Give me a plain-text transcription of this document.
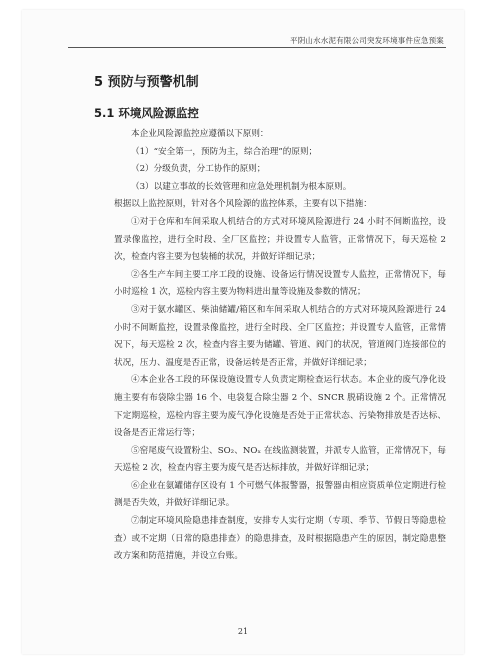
平阴山水水泥有限公司突发环境事件应急预案
5 预防与预警机制
5.1 环境风险源监控

本企业风险源监控应遵循以下原则：

（1）“安全第一，预防为主，综合治理”的原则；

（2）分级负责，分工协作的原则；

（3）以建立事故的长效管理和应急处理机制为根本原则。

根据以上监控原则，针对各个风险源的监控体系，主要有以下措施：

①对于仓库和车间采取人机结合的方式对环境风险源进行 24 小时不间断监控，设置录像监控，进行全时段、全厂区监控；并设置专人监管，正常情况下，每天巡检 2 次，检查内容主要为包装桶的状况，并做好详细记录；

②各生产车间主要工序工段的设施、设备运行情况设置专人监控，正常情况下，每小时巡检 1 次，巡检内容主要为物料进出量等设施及参数的情况；

③对于氨水罐区、柴油储罐/箱区和车间采取人机结合的方式对环境风险源进行 24 小时不间断监控，设置录像监控，进行全时段、全厂区监控；并设置专人监管，正常情况下，每天巡检 2 次，检查内容主要为储罐、管道、阀门的状况，管道阀门连接部位的状况，压力、温度是否正常，设备运转是否正常，并做好详细记录；

④本企业各工段的环保设施设置专人负责定期检查运行状态。本企业的废气净化设施主要有布袋除尘器 16 个、电袋复合除尘器 2 个、SNCR 脱硝设施 2 个。正常情况下定期巡检，巡检内容主要为废气净化设施是否处于正常状态、污染物排放是否达标、设备是否正常运行等；

⑤窑尾废气设置粉尘、SO₂、NOₓ 在线监测装置，并派专人监管，正常情况下，每天巡检 2 次，检查内容主要为废气是否达标排放，并做好详细记录；

⑥企业在氨罐储存区设有 1 个可燃气体报警器，报警器由相应资质单位定期进行检测是否失效，并做好详细记录。

⑦制定环境风险隐患排查制度，安排专人实行定期（专项、季节、节假日等隐患检查）或不定期（日常的隐患排查）的隐患排查，及时根据隐患产生的原因，制定隐患整改方案和防范措施，并设立台账。

21
